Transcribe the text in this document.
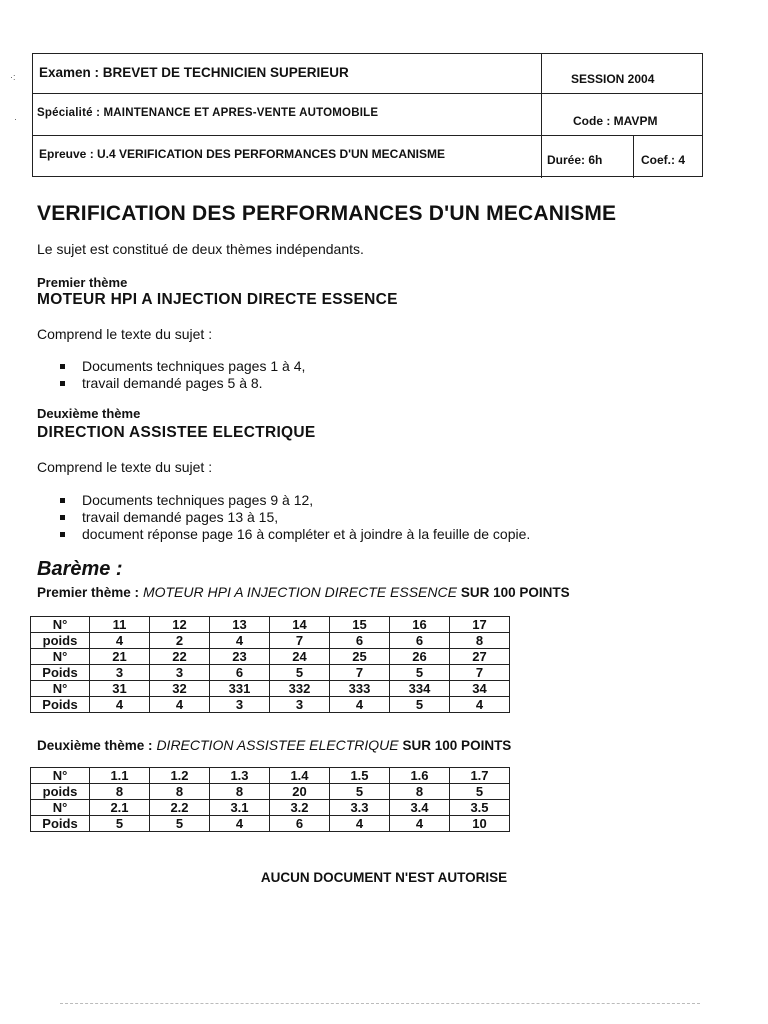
·:
·
Examen : BREVET DE TECHNICIEN SUPERIEUR	SESSION 2004
Spécialité : MAINTENANCE ET APRES-VENTE AUTOMOBILE
Code : MAVPM
Epreuve : U.4 VERIFICATION DES PERFORMANCES D'UN MECANISME	Durée: 6h	Coef.: 4
VERIFICATION DES PERFORMANCES D'UN MECANISME
Le sujet est constitué de deux thèmes indépendants.
Premier thème
MOTEUR HPI A INJECTION DIRECTE ESSENCE
Comprend le texte du sujet :
Documents techniques pages 1 à 4,
travail demandé pages 5 à 8.
Deuxième thème
DIRECTION ASSISTEE ELECTRIQUE
Comprend le texte du sujet :
Documents techniques pages 9 à 12,
travail demandé pages 13 à 15,
document réponse page 16 à compléter et à joindre à la feuille de copie.
Barème :
Premier thème : MOTEUR HPI A INJECTION DIRECTE ESSENCE SUR 100 POINTS
N°	11	12	13	14	15	16	17
poids	4	2	4	7	6	6	8
N°	21	22	23	24	25	26	27
Poids	3	3	6	5	7	5	7
N°	31	32	331	332	333	334	34
Poids	4	4	3	3	4	5	4
Deuxième thème : DIRECTION ASSISTEE ELECTRIQUE SUR 100 POINTS
N°	1.1	1.2	1.3	1.4	1.5	1.6	1.7
poids	8	8	8	20	5	8	5
N°	2.1	2.2	3.1	3.2	3.3	3.4	3.5
Poids	5	5	4	6	4	4	10
AUCUN DOCUMENT N'EST AUTORISE
